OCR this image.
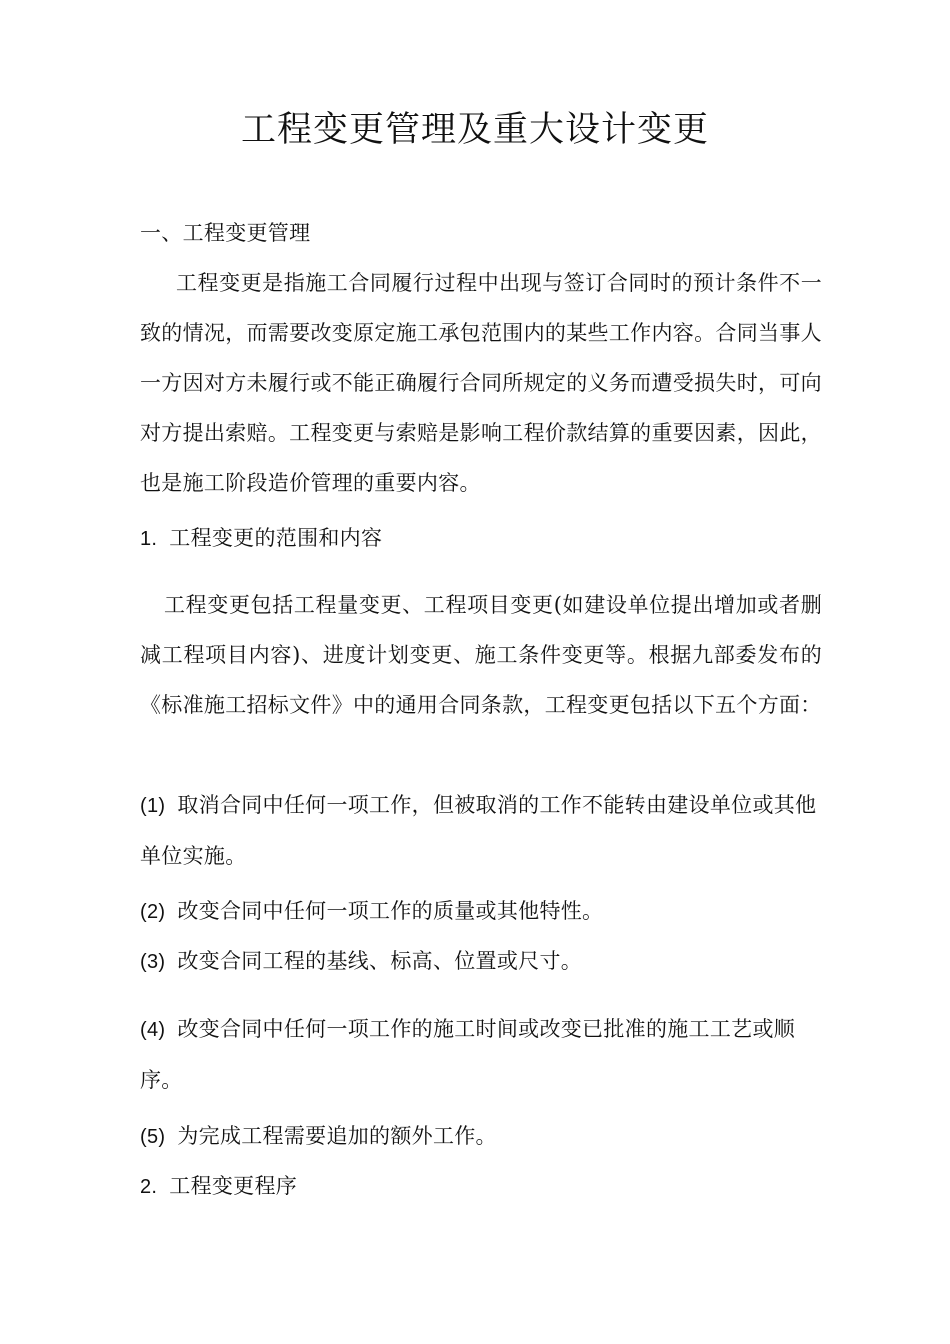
工程变更管理及重大设计变更
一、工程变更管理
工程变更是指施工合同履行过程中出现与签订合同时的预计条件不一致的情况，而需要改变原定施工承包范围内的某些工作内容。合同当事人一方因对方未履行或不能正确履行合同所规定的义务而遭受损失时，可向对方提出索赔。工程变更与索赔是影响工程价款结算的重要因素，因此，也是施工阶段造价管理的重要内容。
1. 工程变更的范围和内容
工程变更包括工程量变更、工程项目变更(如建设单位提出增加或者删减工程项目内容)、进度计划变更、施工条件变更等。根据九部委发布的《标准施工招标文件》中的通用合同条款，工程变更包括以下五个方面：
(1) 取消合同中任何一项工作，但被取消的工作不能转由建设单位或其他单位实施。
(2) 改变合同中任何一项工作的质量或其他特性。
(3) 改变合同工程的基线、标高、位置或尺寸。
(4) 改变合同中任何一项工作的施工时间或改变已批准的施工工艺或顺序。
(5) 为完成工程需要追加的额外工作。
2. 工程变更程序
